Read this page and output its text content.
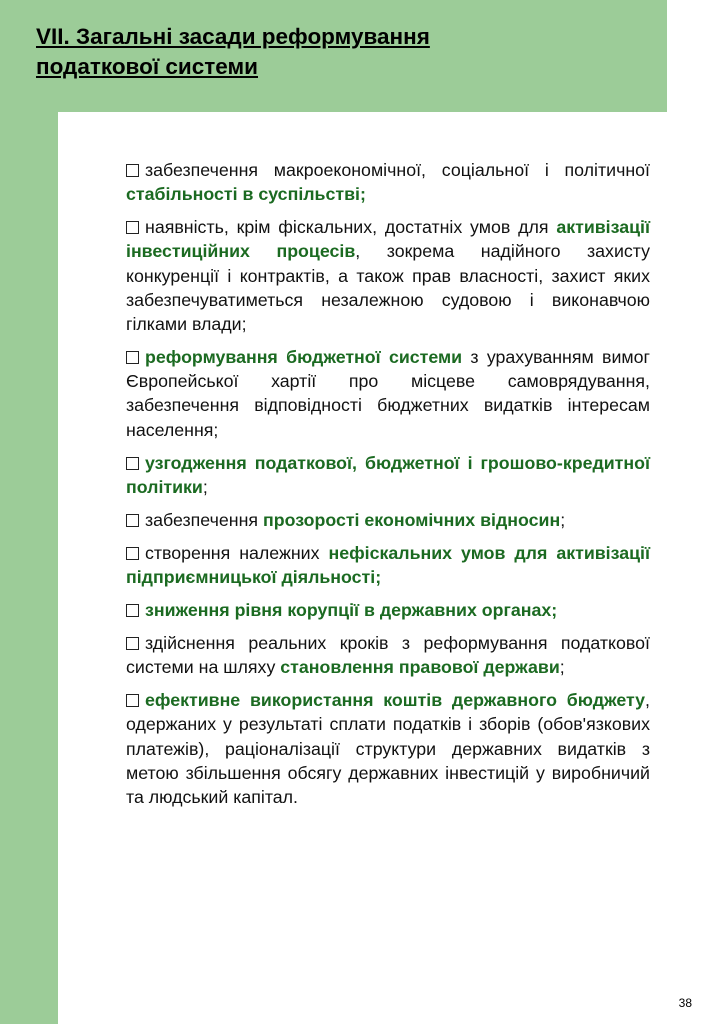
VII. Загальні засади реформування
податкової системи

забезпечення макроекономічної, соціальної і політичної стабільності в суспільстві;

наявність, крім фіскальних, достатніх умов для активізації інвестиційних процесів, зокрема надійного захисту конкуренції і контрактів, а також прав власності, захист яких забезпечуватиметься незалежною судовою і виконавчою гілками влади;

реформування бюджетної системи з урахуванням вимог Європейської хартії про місцеве самоврядування, забезпечення відповідності бюджетних видатків інтересам населення;

узгодження податкової, бюджетної і грошово-кредитної політики;

забезпечення прозорості економічних відносин;

створення належних нефіскальних умов для активізації підприємницької діяльності;

зниження рівня корупції в державних органах;

здійснення реальних кроків з реформування податкової системи на шляху становлення правової держави;

ефективне використання коштів державного бюджету, одержаних у результаті сплати податків і зборів (обов'язкових платежів), раціоналізації структури державних видатків з метою збільшення обсягу державних інвестицій у виробничий та людський капітал.

38
